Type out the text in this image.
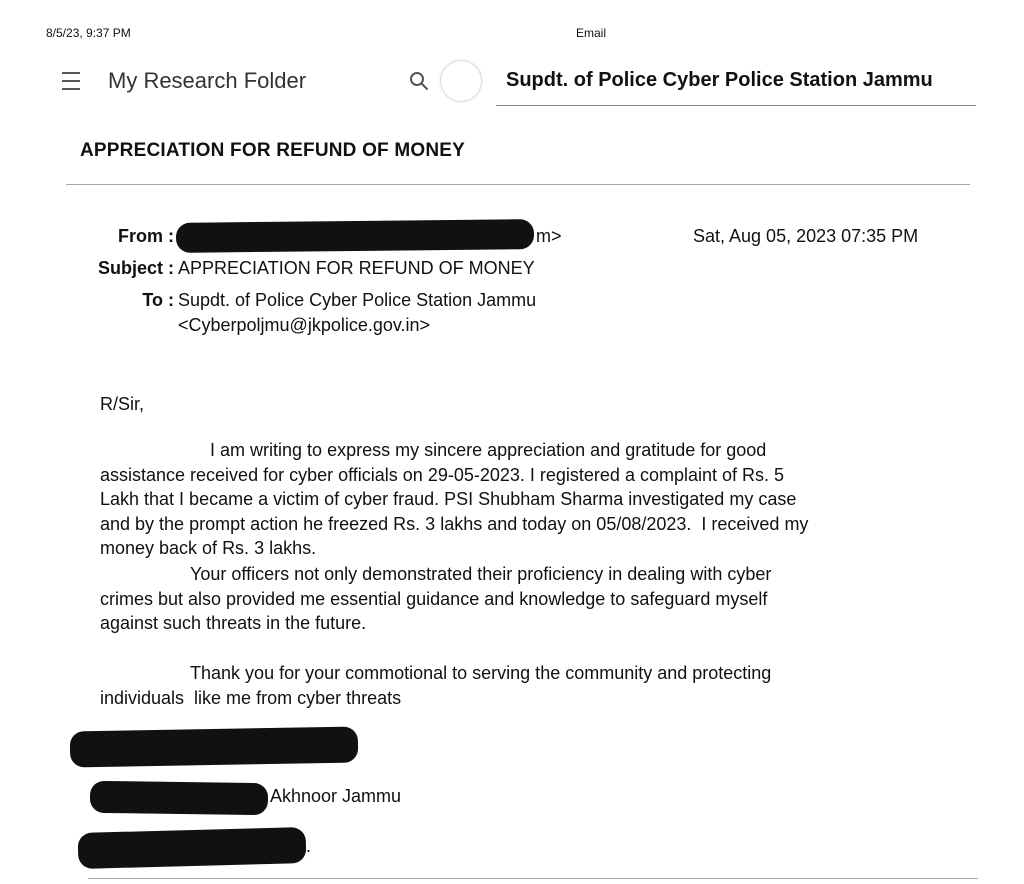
8/5/23, 9:37 PM	Email
My Research Folder	Supdt. of Police Cyber Police Station Jammu
APPRECIATION FOR REFUND OF MONEY
From :	m>	Sat, Aug 05, 2023 07:35 PM
Subject : APPRECIATION FOR REFUND OF MONEY
To : Supdt. of Police Cyber Police Station Jammu
<Cyberpoljmu@jkpolice.gov.in>
R/Sir,
I am writing to express my sincere appreciation and gratitude for good
assistance received for cyber officials on 29-05-2023. I registered a complaint of Rs. 5
Lakh that I became a victim of cyber fraud. PSI Shubham Sharma investigated my case
and by the prompt action he freezed Rs. 3 lakhs and today on 05/08/2023.  I received my
money back of Rs. 3 lakhs.
Your officers not only demonstrated their proficiency in dealing with cyber
crimes but also provided me essential guidance and knowledge to safeguard myself
against such threats in the future.
Thank you for your commotional to serving the community and protecting
individuals  like me from cyber threats
Akhnoor Jammu
.
